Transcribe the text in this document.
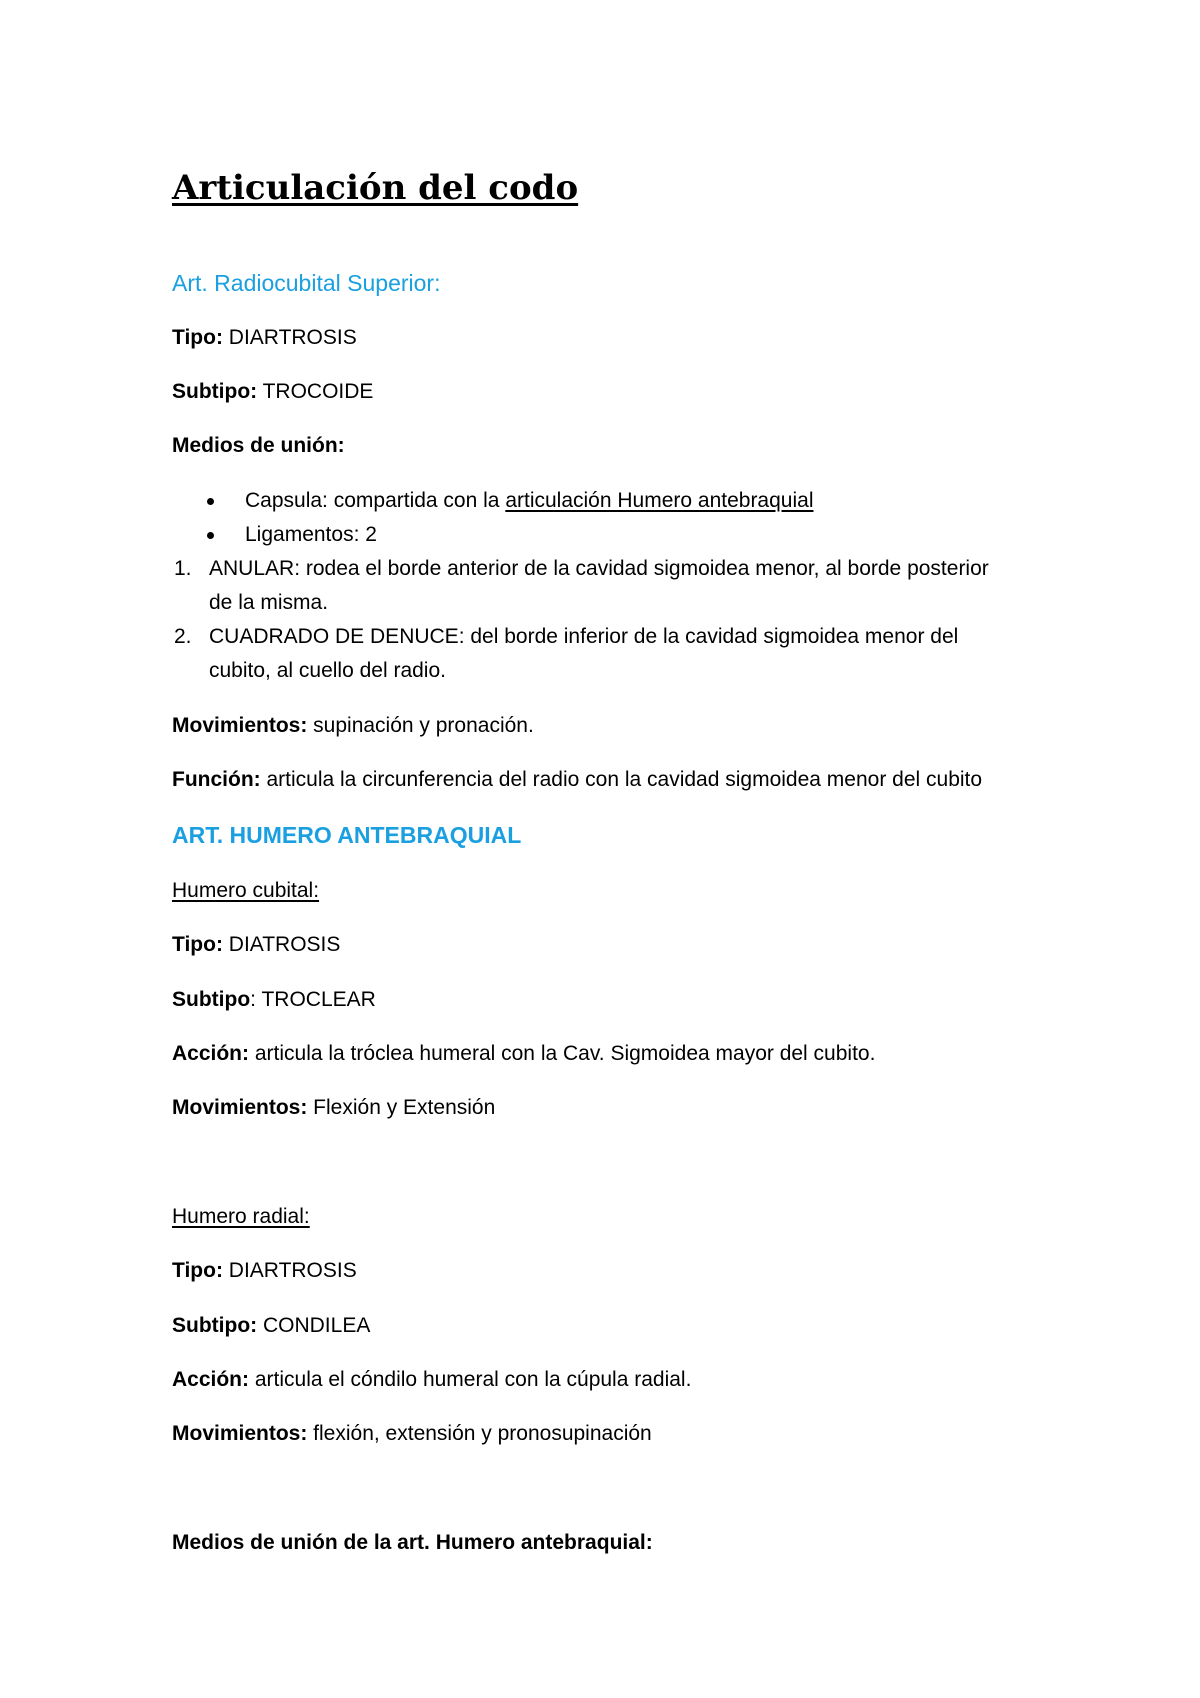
Articulación del codo
Art. Radiocubital Superior:
Tipo: DIARTROSIS
Subtipo: TROCOIDE
Medios de unión:
Capsula: compartida con la articulación Humero antebraquial
Ligamentos: 2
1. ANULAR: rodea el borde anterior de la cavidad sigmoidea menor, al borde posterior
de la misma.
2. CUADRADO DE DENUCE: del borde inferior de la cavidad sigmoidea menor del
cubito, al cuello del radio.
Movimientos: supinación y pronación.
Función: articula la circunferencia del radio con la cavidad sigmoidea menor del cubito
ART. HUMERO ANTEBRAQUIAL
Humero cubital:
Tipo: DIATROSIS
Subtipo: TROCLEAR
Acción: articula la tróclea humeral con la Cav. Sigmoidea mayor del cubito.
Movimientos: Flexión y Extensión
Humero radial:
Tipo: DIARTROSIS
Subtipo: CONDILEA
Acción: articula el cóndilo humeral con la cúpula radial.
Movimientos: flexión, extensión y pronosupinación
Medios de unión de la art. Humero antebraquial:
